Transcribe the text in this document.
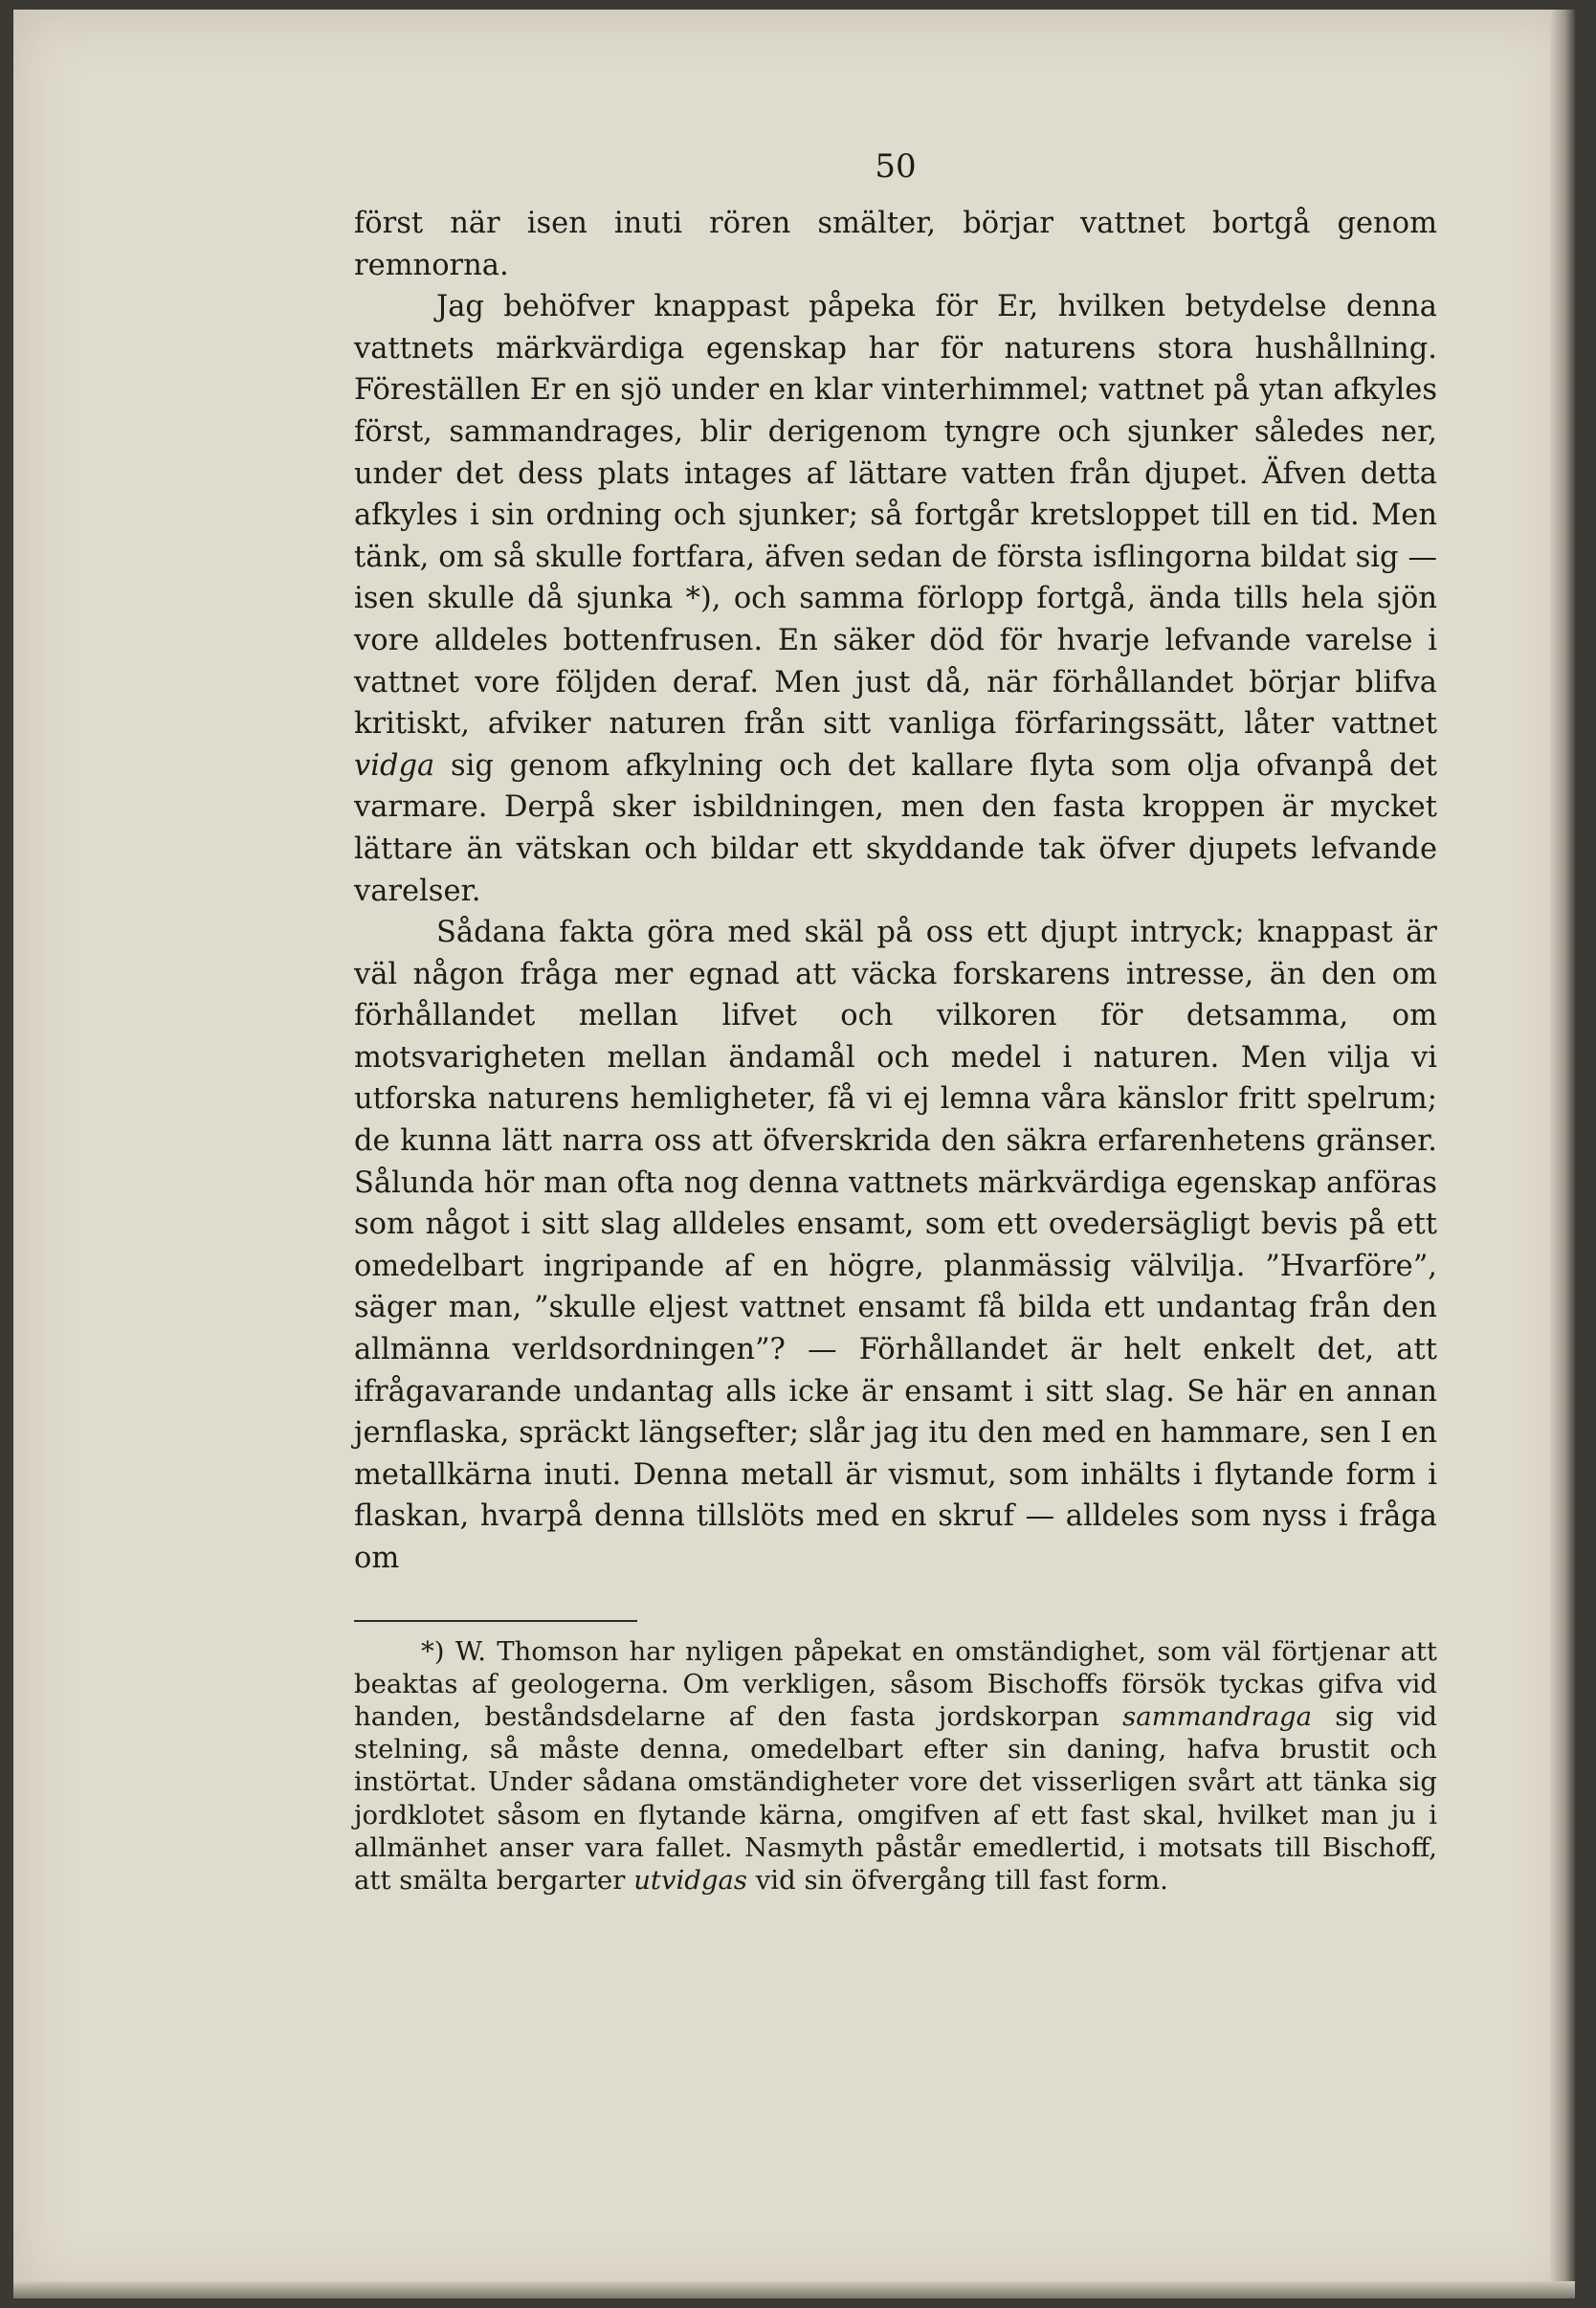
50

först när isen inuti rören smälter, börjar vattnet bortgå genom remnorna.

Jag behöfver knappast påpeka för Er, hvilken betydelse denna vattnets märkvärdiga egenskap har för naturens stora hushållning. Föreställen Er en sjö under en klar vinterhimmel; vattnet på ytan afkyles först, sammandrages, blir derigenom tyngre och sjunker således ner, under det dess plats intages af lättare vatten från djupet. Äfven detta afkyles i sin ordning och sjunker; så fortgår kretsloppet till en tid. Men tänk, om så skulle fortfara, äfven sedan de första isflingorna bildat sig — isen skulle då sjunka *), och samma förlopp fortgå, ända tills hela sjön vore alldeles bottenfrusen. En säker död för hvarje lefvande varelse i vattnet vore följden deraf. Men just då, när förhållandet börjar blifva kritiskt, afviker naturen från sitt vanliga förfaringssätt, låter vattnet vidga sig genom afkylning och det kallare flyta som olja ofvanpå det varmare. Derpå sker isbildningen, men den fasta kroppen är mycket lättare än vätskan och bildar ett skyddande tak öfver djupets lefvande varelser.

Sådana fakta göra med skäl på oss ett djupt intryck; knappast är väl någon fråga mer egnad att väcka forskarens intresse, än den om förhållandet mellan lifvet och vilkoren för detsamma, om motsvarigheten mellan ändamål och medel i naturen. Men vilja vi utforska naturens hemligheter, få vi ej lemna våra känslor fritt spelrum; de kunna lätt narra oss att öfverskrida den säkra erfarenhetens gränser. Sålunda hör man ofta nog denna vattnets märkvärdiga egenskap anföras som något i sitt slag alldeles ensamt, som ett ovedersägligt bevis på ett omedelbart ingripande af en högre, planmässig välvilja. ”Hvarföre”, säger man, ”skulle eljest vattnet ensamt få bilda ett undantag från den allmänna verldsordningen”? — Förhållandet är helt enkelt det, att ifrågavarande undantag alls icke är ensamt i sitt slag. Se här en annan jernflaska, spräckt längsefter; slår jag itu den med en hammare, sen I en metallkärna inuti. Denna metall är vismut, som inhälts i flytande form i flaskan, hvarpå denna tillslöts med en skruf — alldeles som nyss i fråga om

*) W. Thomson har nyligen påpekat en omständighet, som väl förtjenar att beaktas af geologerna. Om verkligen, såsom Bischoffs försök tyckas gifva vid handen, beståndsdelarne af den fasta jordskorpan sammandraga sig vid stelning, så måste denna, omedelbart efter sin daning, hafva brustit och instörtat. Under sådana omständigheter vore det visserligen svårt att tänka sig jordklotet såsom en flytande kärna, omgifven af ett fast skal, hvilket man ju i allmänhet anser vara fallet. Nasmyth påstår emedlertid, i motsats till Bischoff, att smälta bergarter utvidgas vid sin öfvergång till fast form.
